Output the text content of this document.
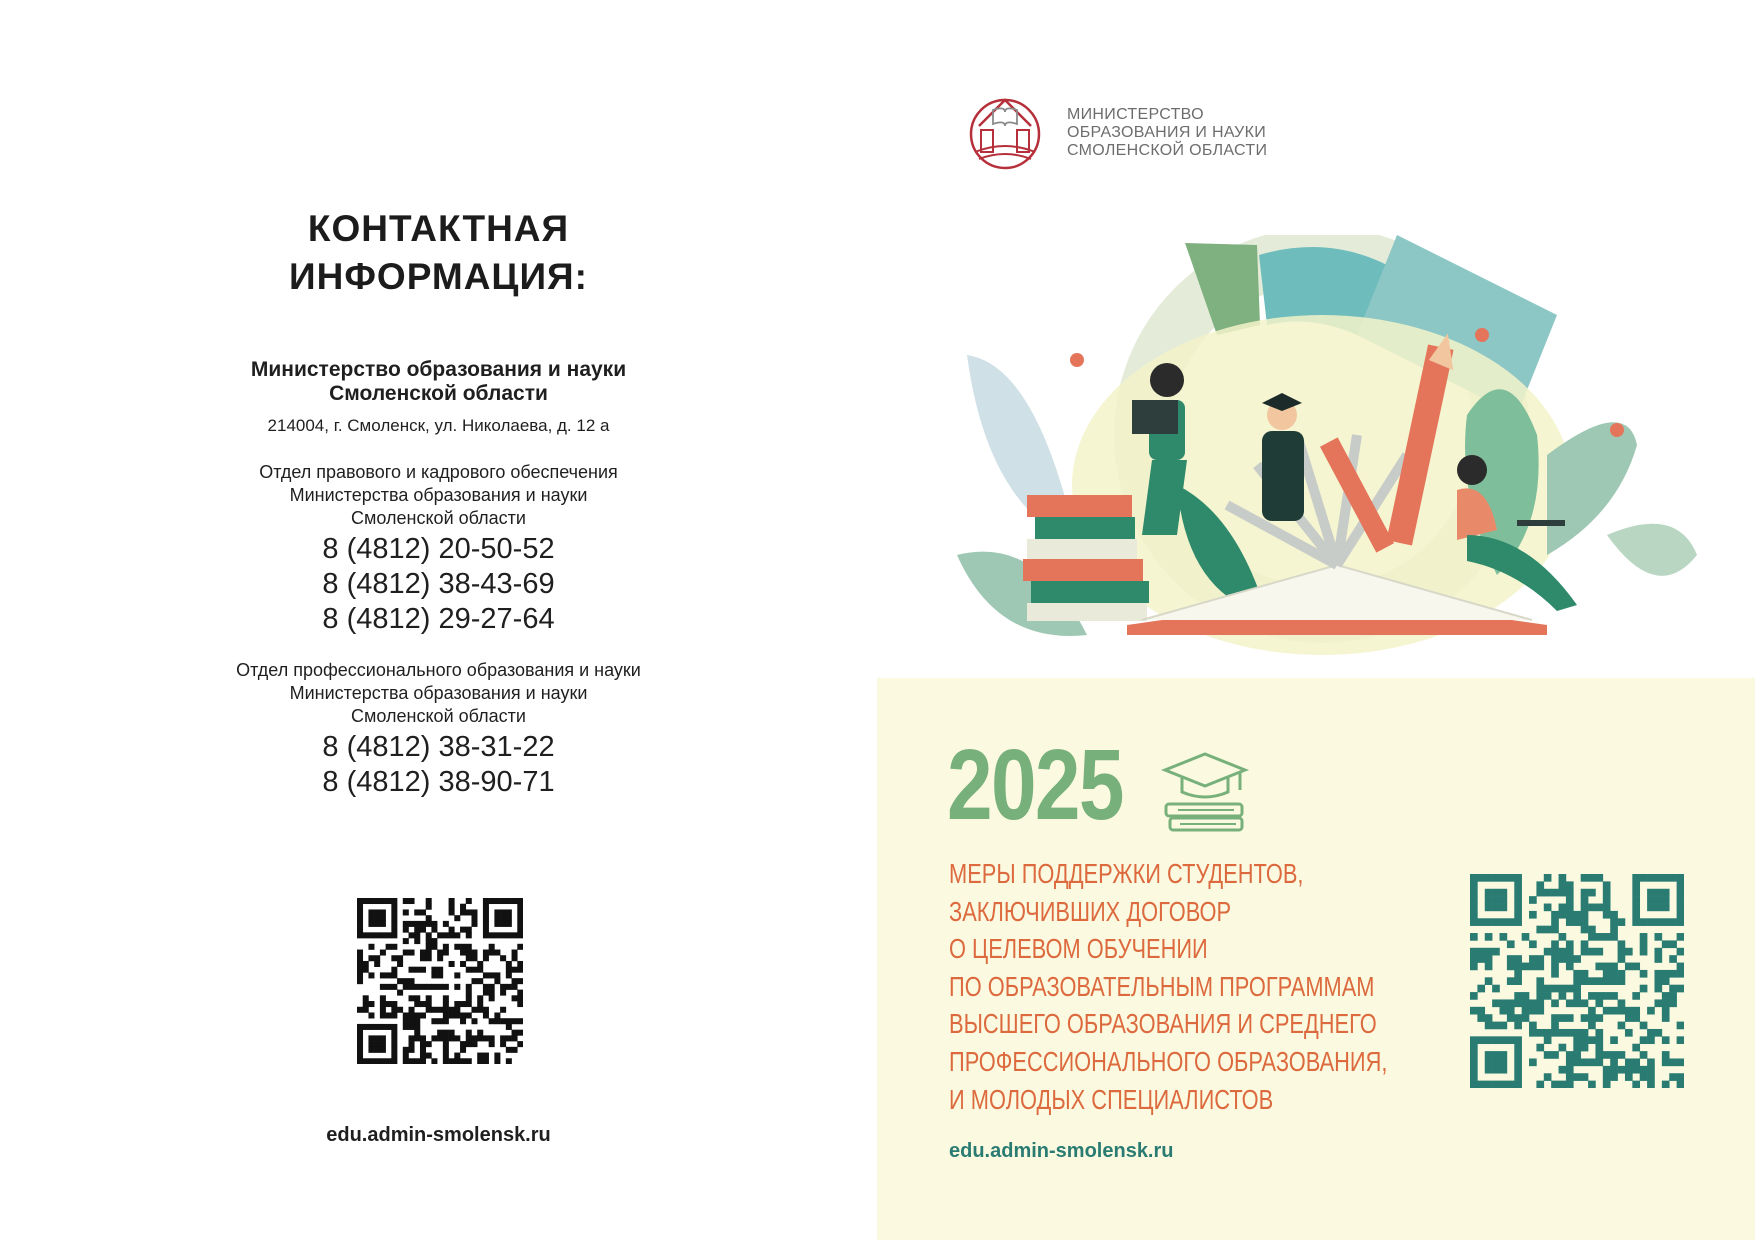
КОНТАКТНАЯ
ИНФОРМАЦИЯ:
Министерство образования и науки
Смоленской области
214004, г. Смоленск, ул. Николаева, д. 12 а
Отдел правового и кадрового обеспечения
Министерства образования и науки
Смоленской области
8 (4812) 20-50-52
8 (4812) 38-43-69
8 (4812) 29-27-64
Отдел профессионального образования и науки
Министерства образования и науки
Смоленской области
8 (4812) 38-31-22
8 (4812) 38-90-71
edu.admin-smolensk.ru
МИНИСТЕРСТВО
ОБРАЗОВАНИЯ И НАУКИ
СМОЛЕНСКОЙ ОБЛАСТИ
2025
МЕРЫ ПОДДЕРЖКИ СТУДЕНТОВ,
ЗАКЛЮЧИВШИХ ДОГОВОР
О ЦЕЛЕВОМ ОБУЧЕНИИ
ПО ОБРАЗОВАТЕЛЬНЫМ ПРОГРАММАМ
ВЫСШЕГО ОБРАЗОВАНИЯ И СРЕДНЕГО
ПРОФЕССИОНАЛЬНОГО ОБРАЗОВАНИЯ,
И МОЛОДЫХ СПЕЦИАЛИСТОВ
edu.admin-smolensk.ru
